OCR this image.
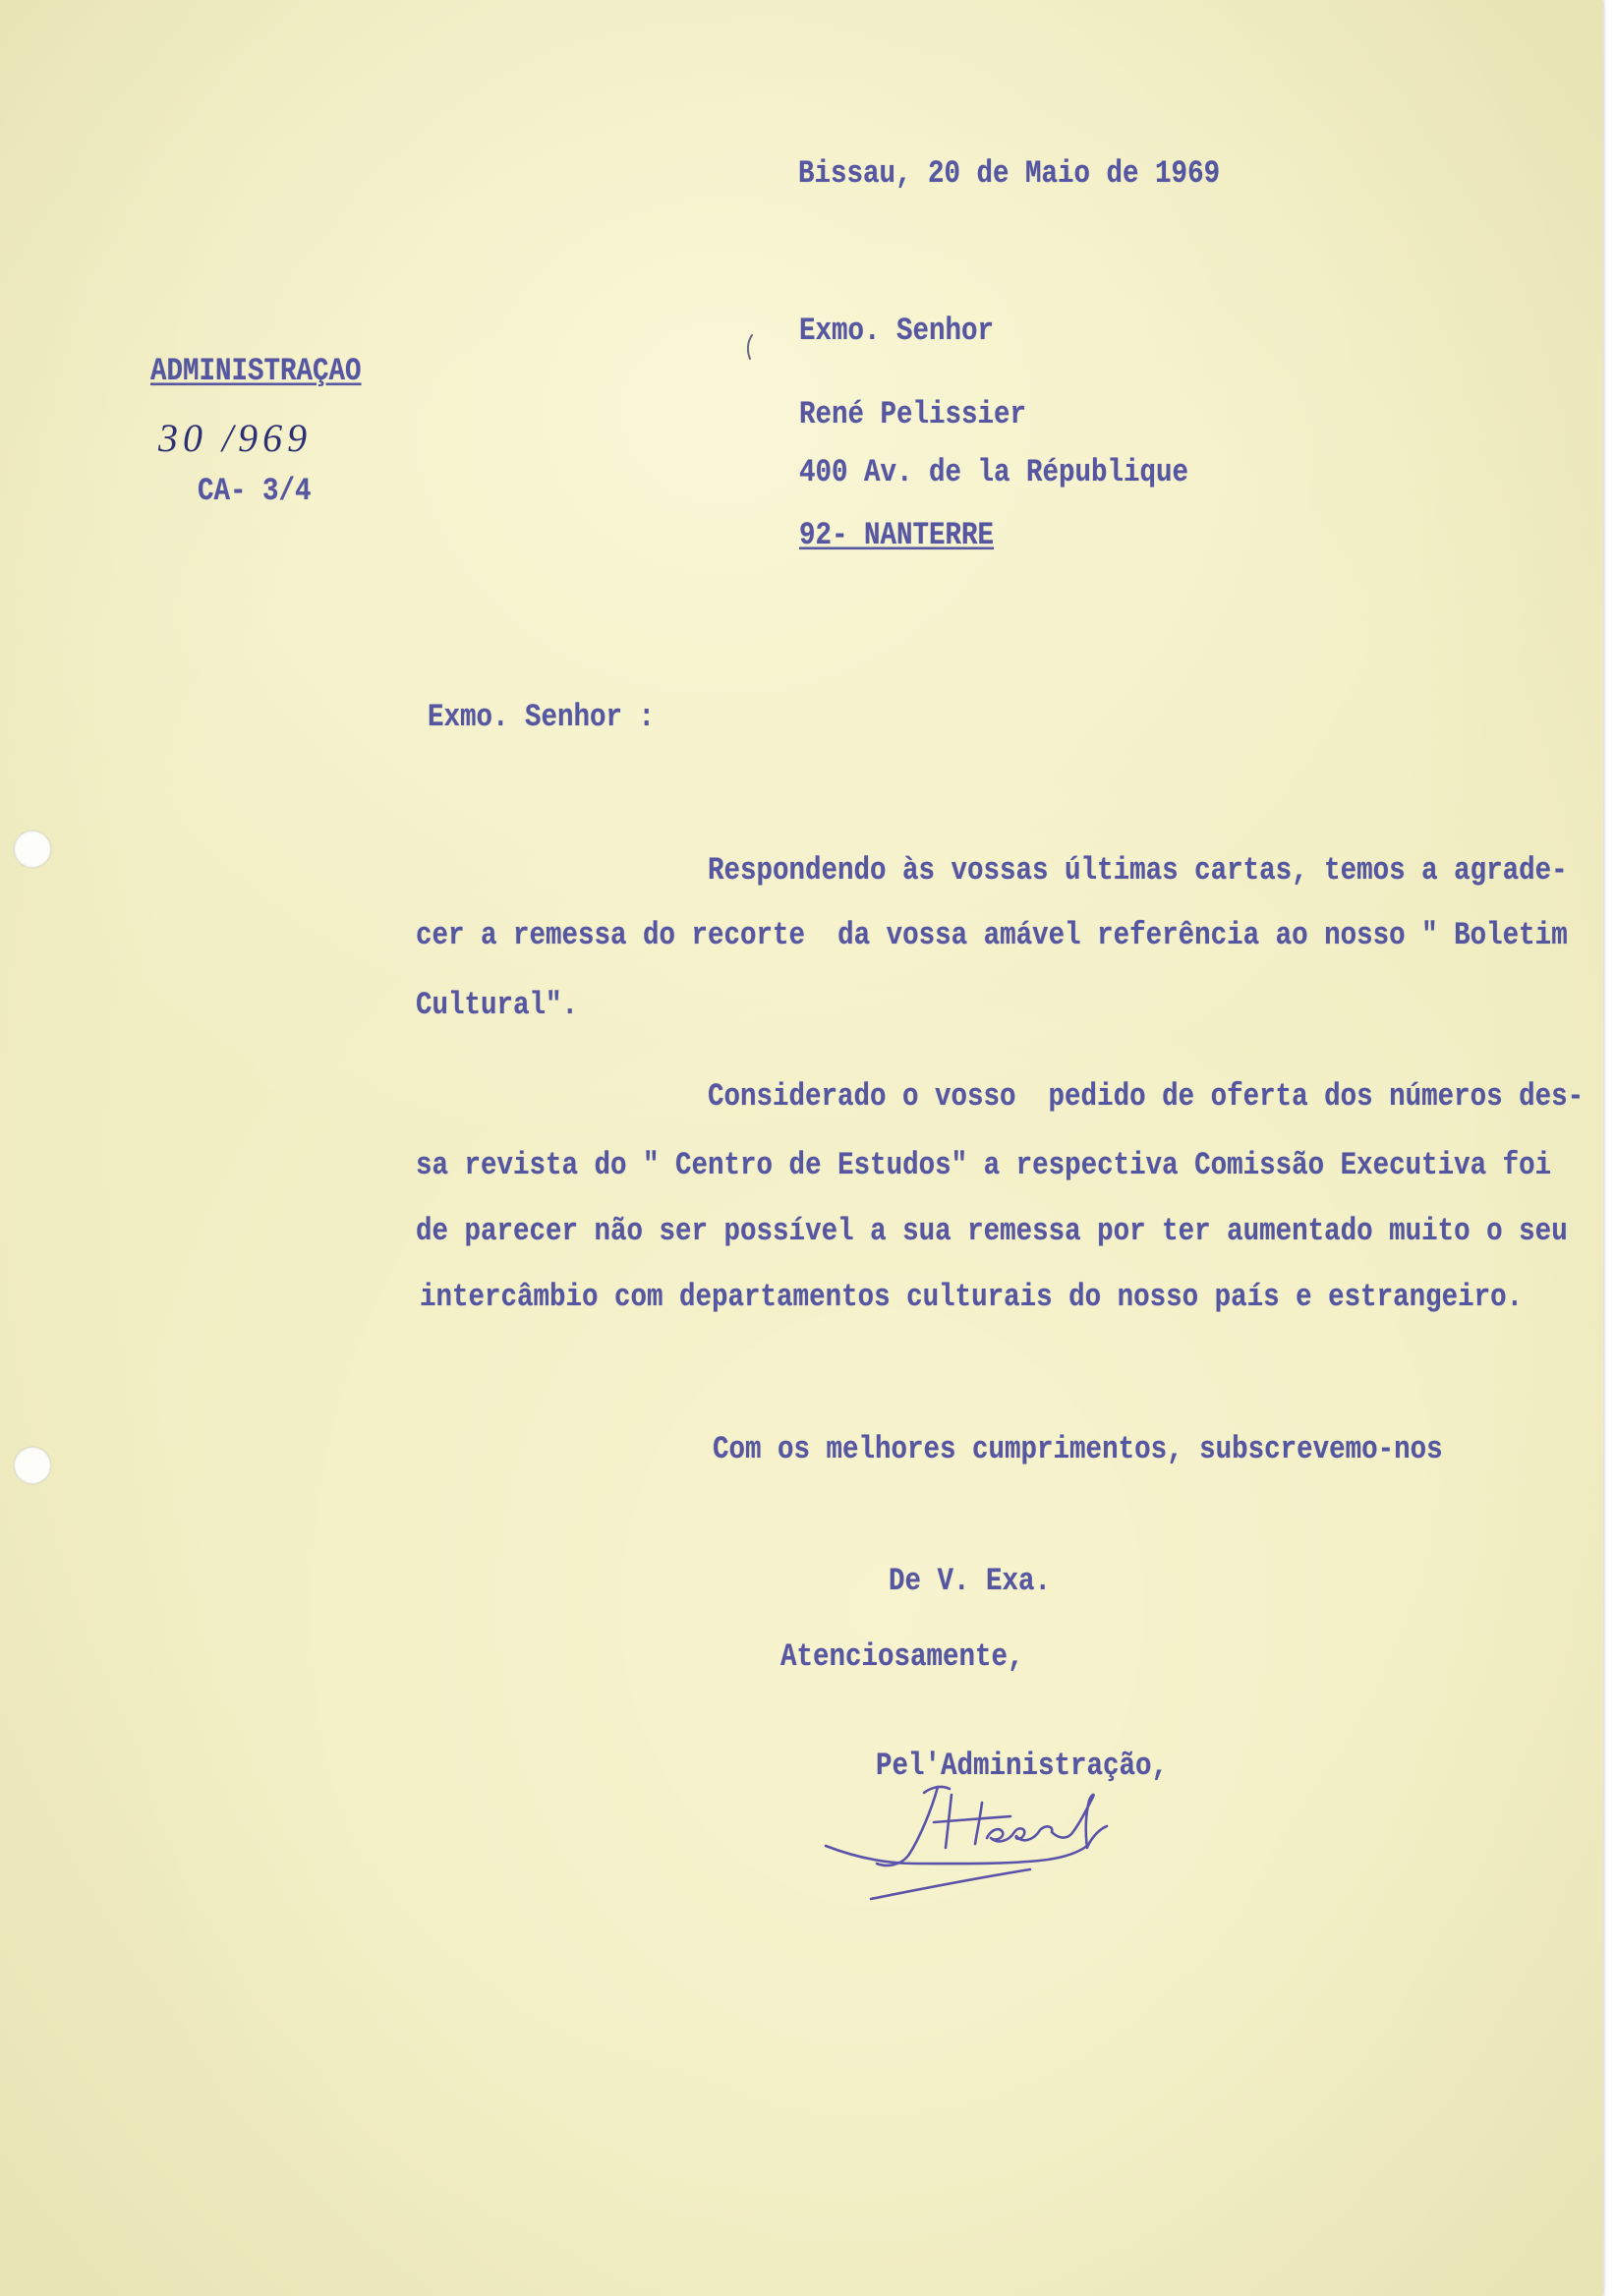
Bissau, 20 de Maio de 1969
ADMINISTRAÇAO
30 /969
CA- 3/4
Exmo. Senhor
René Pelissier
400 Av. de la République
92- NANTERRE
Exmo. Senhor :
Respondendo às vossas últimas cartas, temos a agrade-
cer a remessa do recorte  da vossa amável referência ao nosso " Boletim
Cultural".
Considerado o vosso  pedido de oferta dos números des-
sa revista do " Centro de Estudos" a respectiva Comissão Executiva foi
de parecer não ser possível a sua remessa por ter aumentado muito o seu
intercâmbio com departamentos culturais do nosso país e estrangeiro.
Com os melhores cumprimentos, subscrevemo-nos
De V. Exa.
Atenciosamente,
Pel'Administração,
